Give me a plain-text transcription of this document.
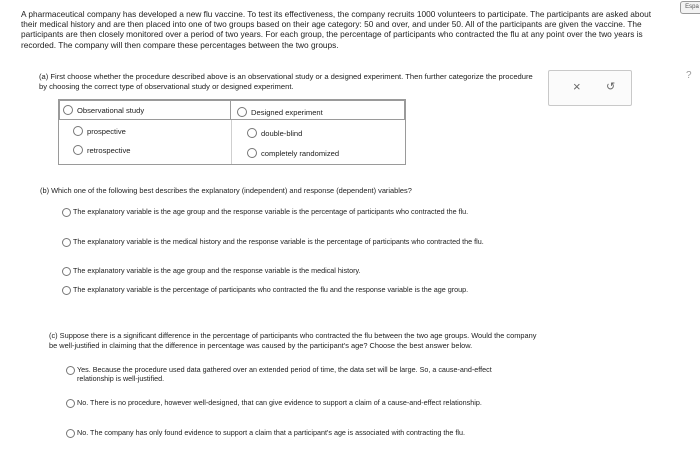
Espa
A pharmaceutical company has developed a new flu vaccine. To test its effectiveness, the company recruits 1000 volunteers to participate. The participants are asked about their medical history and are then placed into one of two groups based on their age category: 50 and over, and under 50. All of the participants are given the vaccine. The participants are then closely monitored over a period of two years. For each group, the percentage of participants who contracted the flu at any point over the two years is recorded. The company will then compare these percentages between the two groups.
(a) First choose whether the procedure described above is an observational study or a designed experiment. Then further categorize the procedure by choosing the correct type of observational study or designed experiment.
Observational study	Designed experiment
prospective	double-blind
retrospective	completely randomized
× ↺
?
(b) Which one of the following best describes the explanatory (independent) and response (dependent) variables?
The explanatory variable is the age group and the response variable is the percentage of participants who contracted the flu.
The explanatory variable is the medical history and the response variable is the percentage of participants who contracted the flu.
The explanatory variable is the age group and the response variable is the medical history.
The explanatory variable is the percentage of participants who contracted the flu and the response variable is the age group.
(c) Suppose there is a significant difference in the percentage of participants who contracted the flu between the two age groups. Would the company be well-justified in claiming that the difference in percentage was caused by the participant's age? Choose the best answer below.
Yes. Because the procedure used data gathered over an extended period of time, the data set will be large. So, a cause-and-effect relationship is well-justified.
No. There is no procedure, however well-designed, that can give evidence to support a claim of a cause-and-effect relationship.
No. The company has only found evidence to support a claim that a participant's age is associated with contracting the flu.
